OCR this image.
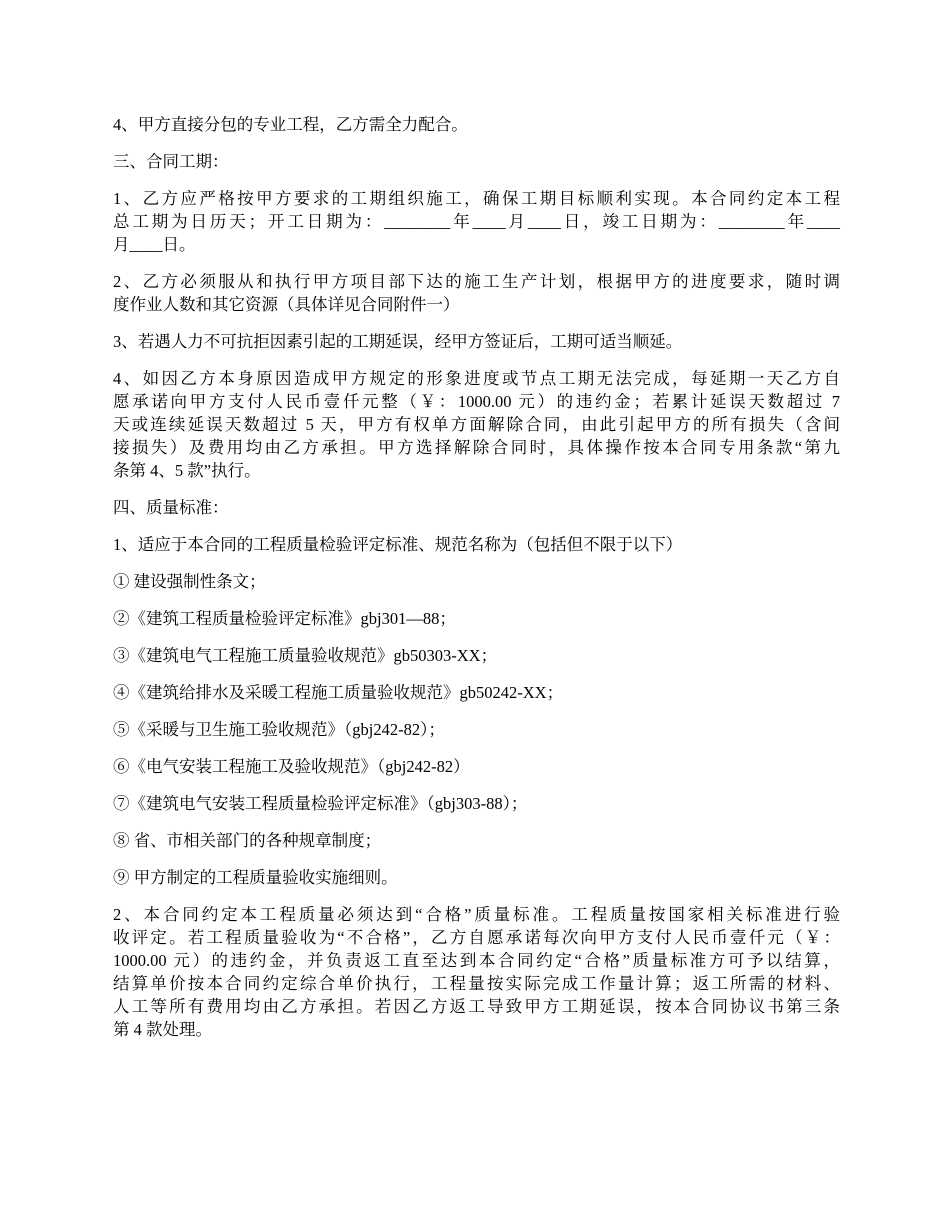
4、甲方直接分包的专业工程，乙方需全力配合。

三、合同工期：

1、乙方应严格按甲方要求的工期组织施工，确保工期目标顺利实现。本合同约定本工程
总工期为日历天；开工日期为：________年____月____日，竣工日期为：________年____
月____日。

2、乙方必须服从和执行甲方项目部下达的施工生产计划，根据甲方的进度要求，随时调
度作业人数和其它资源（具体详见合同附件一）

3、若遇人力不可抗拒因素引起的工期延误，经甲方签证后，工期可适当顺延。

4、如因乙方本身原因造成甲方规定的形象进度或节点工期无法完成，每延期一天乙方自
愿承诺向甲方支付人民币壹仟元整（￥：1000.00 元）的违约金；若累计延误天数超过 7
天或连续延误天数超过 5 天，甲方有权单方面解除合同，由此引起甲方的所有损失（含间
接损失）及费用均由乙方承担。甲方选择解除合同时，具体操作按本合同专用条款“第九
条第 4、5 款”执行。

四、质量标准：

1、适应于本合同的工程质量检验评定标准、规范名称为（包括但不限于以下）

① 建设强制性条文；

②《建筑工程质量检验评定标准》gbj301—88；

③《建筑电气工程施工质量验收规范》gb50303-XX；

④《建筑给排水及采暖工程施工质量验收规范》gb50242-XX；

⑤《采暖与卫生施工验收规范》（gbj242-82）；

⑥《电气安装工程施工及验收规范》（gbj242-82）

⑦《建筑电气安装工程质量检验评定标准》（gbj303-88）；

⑧ 省、市相关部门的各种规章制度；

⑨ 甲方制定的工程质量验收实施细则。

2、本合同约定本工程质量必须达到“合格”质量标准。工程质量按国家相关标准进行验
收评定。若工程质量验收为“不合格”，乙方自愿承诺每次向甲方支付人民币壹仟元（￥：
1000.00 元）的违约金，并负责返工直至达到本合同约定“合格”质量标准方可予以结算，
结算单价按本合同约定综合单价执行，工程量按实际完成工作量计算；返工所需的材料、
人工等所有费用均由乙方承担。若因乙方返工导致甲方工期延误，按本合同协议书第三条
第 4 款处理。
